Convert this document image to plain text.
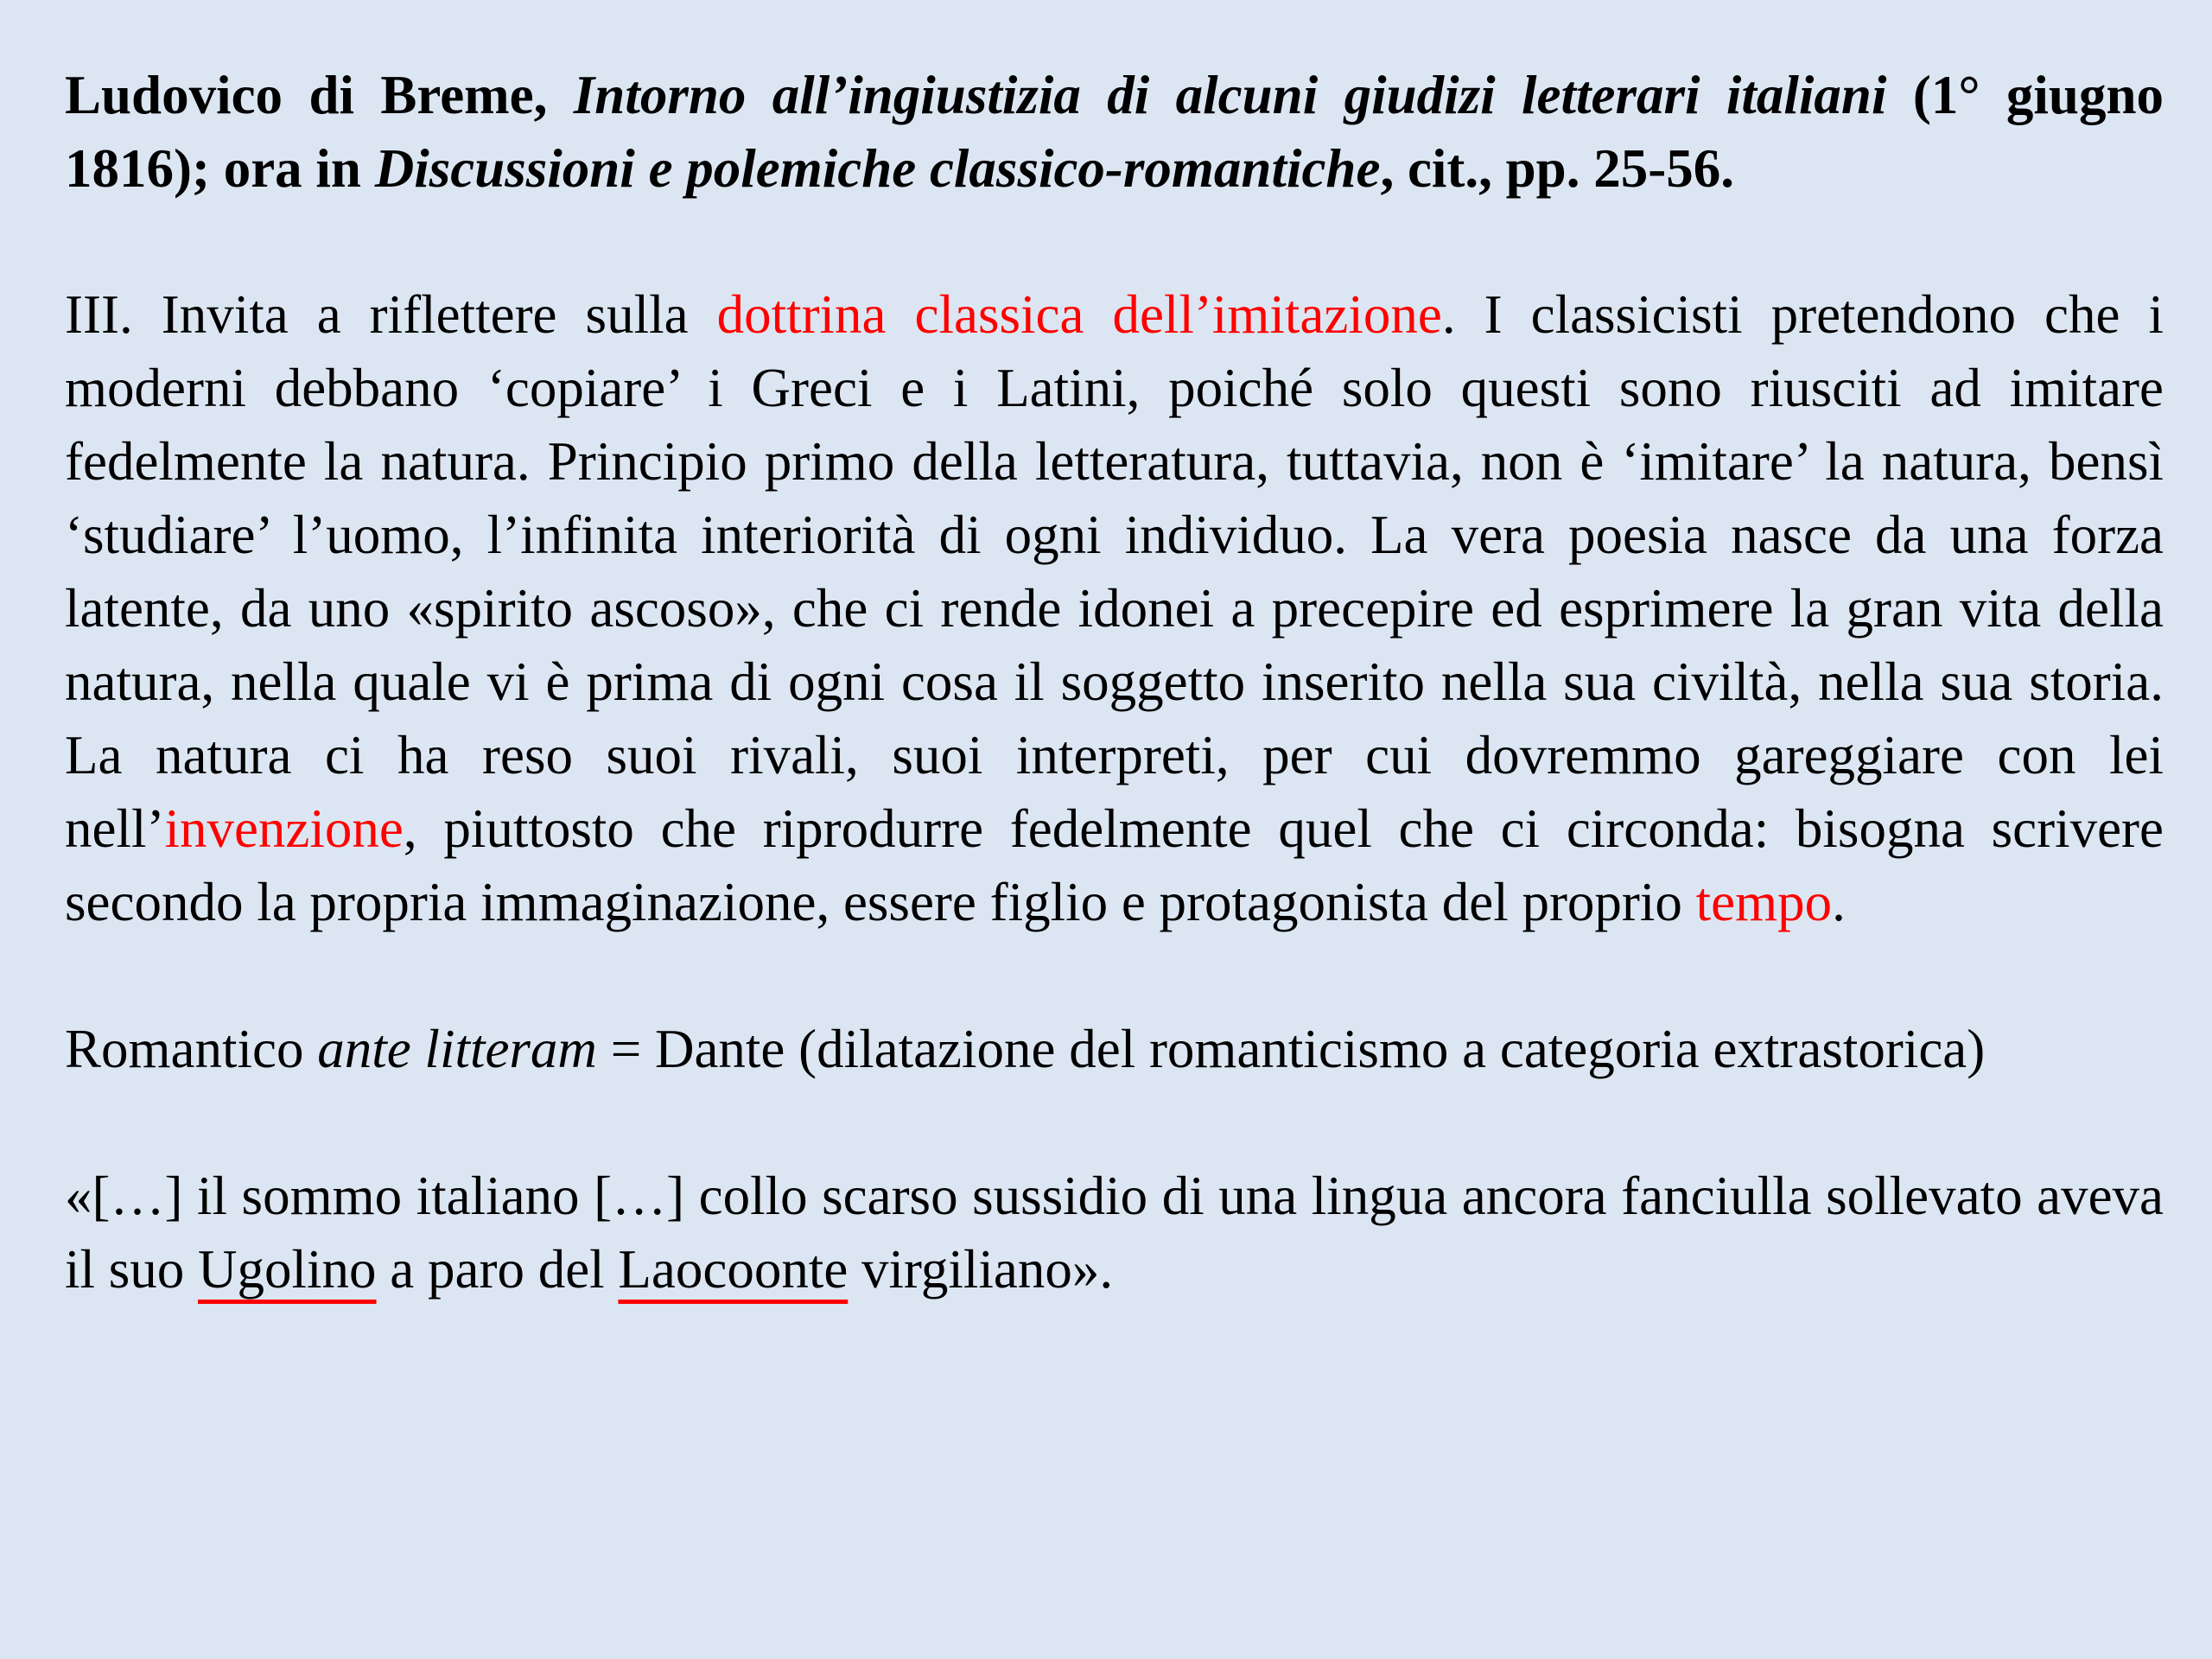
Ludovico di Breme, Intorno all’ingiustizia di alcuni giudizi letterari italiani (1° giugno 1816); ora in Discussioni e polemiche classico-romantiche, cit., pp. 25-56.

III. Invita a riflettere sulla dottrina classica dell’imitazione. I classicisti pretendono che i moderni debbano ‘copiare’ i Greci e i Latini, poiché solo questi sono riusciti ad imitare fedelmente la natura. Principio primo della letteratura, tuttavia, non è ‘imitare’ la natura, bensì ‘studiare’ l’uomo, l’infinita interiorità di ogni individuo. La vera poesia nasce da una forza latente, da uno «spirito ascoso», che ci rende idonei a precepire ed esprimere la gran vita della natura, nella quale vi è prima di ogni cosa il soggetto inserito nella sua civiltà, nella sua storia. La natura ci ha reso suoi rivali, suoi interpreti, per cui dovremmo gareggiare con lei nell’invenzione, piuttosto che riprodurre fedelmente quel che ci circonda: bisogna scrivere secondo la propria immaginazione, essere figlio e protagonista del proprio tempo.

Romantico ante litteram = Dante (dilatazione del romanticismo a categoria extrastorica)

«[…] il sommo italiano […] collo scarso sussidio di una lingua ancora fanciulla sollevato aveva il suo Ugolino a paro del Laocoonte virgiliano».
